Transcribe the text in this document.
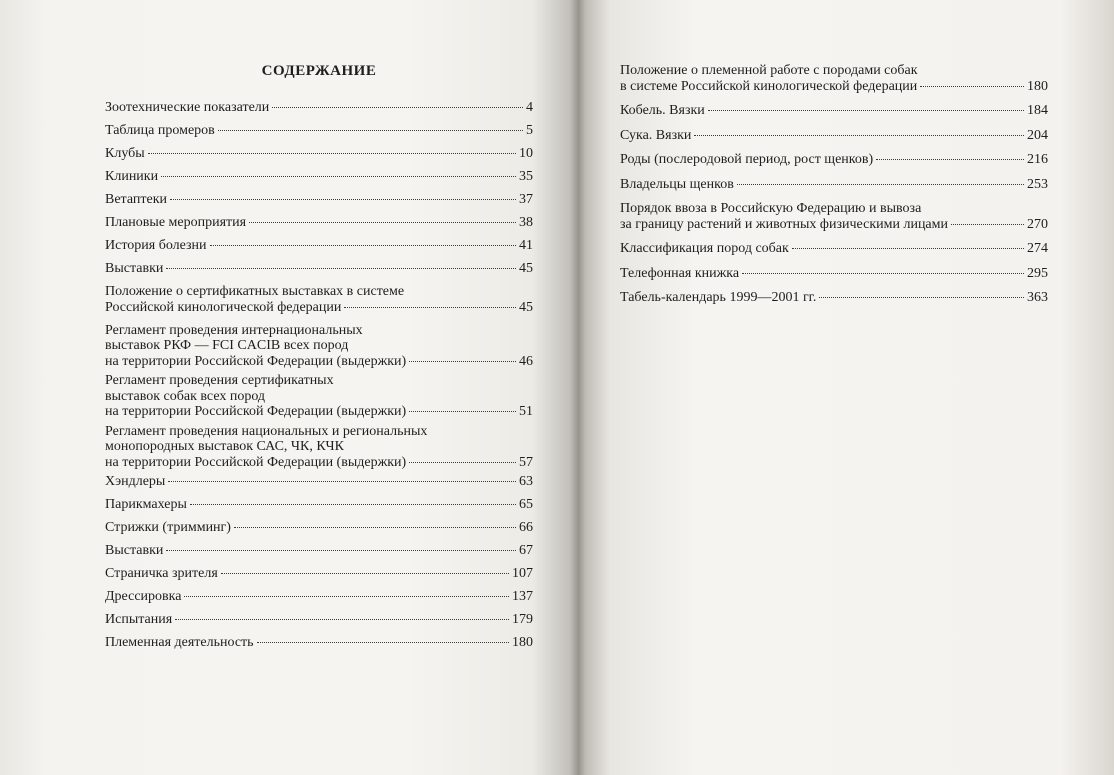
СОДЕРЖАНИЕ
Зоотехнические показатели	4
Таблица промеров	5
Клубы	10
Клиники	35
Ветаптеки	37
Плановые мероприятия	38
История болезни	41
Выставки	45
Положение о сертификатных выставках в системе
Российской кинологической федерации	45
Регламент проведения интернациональных
выставок РКФ — FCI CACIB всех пород
на территории Российской Федерации (выдержки)	46
Регламент проведения сертификатных
выставок собак всех пород
на территории Российской Федерации (выдержки)	51
Регламент проведения национальных и региональных
монопородных выставок САС, ЧК, КЧК
на территории Российской Федерации (выдержки)	57
Хэндлеры	63
Парикмахеры	65
Стрижки (тримминг)	66
Выставки	67
Страничка зрителя	107
Дрессировка	137
Испытания	179
Племенная деятельность	180
Положение о племенной работе с породами собак
в системе Российской кинологической федерации	180
Кобель. Вязки	184
Сука. Вязки	204
Роды (послеродовой период, рост щенков)	216
Владельцы щенков	253
Порядок ввоза в Российскую Федерацию и вывоза
за границу растений и животных физическими лицами	270
Классификация пород собак	274
Телефонная книжка	295
Табель-календарь 1999—2001 гг.	363
